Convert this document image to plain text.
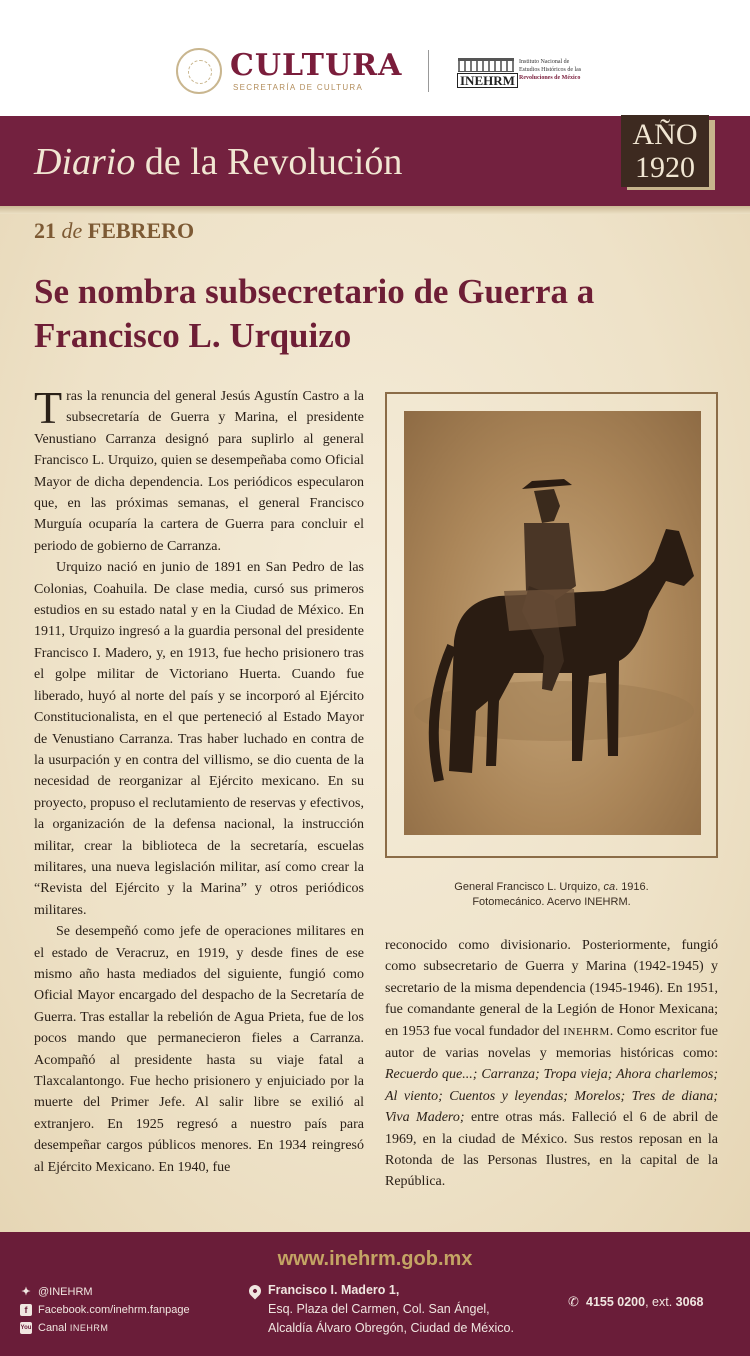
CULTURA
SECRETARÍA DE CULTURA	INEHRM
Instituto Nacional de
Estudios Históricos de las
Revoluciones de México
Diario de la Revolución
AÑO
1920
21 de FEBRERO
Se nombra subsecretario de Guerra a Francisco L. Urquizo

Tras la renuncia del general Jesús Agustín Castro a la subsecretaría de Guerra y Marina, el presidente Venustiano Carranza designó para suplirlo al general Francisco L. Urquizo, quien se desempeñaba como Oficial Mayor de dicha dependencia. Los periódicos especularon que, en las próximas semanas, el general Francisco Murguía ocuparía la cartera de Guerra para concluir el periodo de gobierno de Carranza.

Urquizo nació en junio de 1891 en San Pedro de las Colonias, Coahuila. De clase media, cursó sus primeros estudios en su estado natal y en la Ciudad de México. En 1911, Urquizo ingresó a la guardia personal del presidente Francisco I. Madero, y, en 1913, fue hecho prisionero tras el golpe militar de Victoriano Huerta. Cuando fue liberado, huyó al norte del país y se incorporó al Ejército Constitucionalista, en el que perteneció al Estado Mayor de Venustiano Carranza. Tras haber luchado en contra de la usurpación y en contra del villismo, se dio cuenta de la necesidad de reorganizar al Ejército mexicano. En su proyecto, propuso el reclutamiento de reservas y efectivos, la organización de la defensa nacional, la instrucción militar, crear la biblioteca de la secretaría, escuelas militares, una nueva legislación militar, así como crear la “Revista del Ejército y la Marina” y otros periódicos militares.

Se desempeñó como jefe de operaciones militares en el estado de Veracruz, en 1919, y desde fines de ese mismo año hasta mediados del siguiente, fungió como Oficial Mayor encargado del despacho de la Secretaría de Guerra. Tras estallar la rebelión de Agua Prieta, fue de los pocos mando que permanecieron fieles a Carranza. Acompañó al presidente hasta su viaje fatal a Tlaxcalantongo. Fue hecho prisionero y enjuiciado por la muerte del Primer Jefe. Al salir libre se exilió al extranjero. En 1925 regresó a nuestro país para desempeñar cargos públicos menores. En 1934 reingresó al Ejército Mexicano. En 1940, fue

General Francisco L. Urquizo, ca. 1916.
Fotomecánico. Acervo INEHRM.

reconocido como divisionario. Posteriormente, fungió como subsecretario de Guerra y Marina (1942-1945) y secretario de la misma dependencia (1945-1946). En 1951, fue comandante general de la Legión de Honor Mexicana; en 1953 fue vocal fundador del INEHRM. Como escritor fue autor de varias novelas y memorias históricas como: Recuerdo que...; Carranza; Tropa vieja; Ahora charlemos; Al viento; Cuentos y leyendas; Morelos; Tres de diana; Viva Madero; entre otras más. Falleció el 6 de abril de 1969, en la ciudad de México. Sus restos reposan en la Rotonda de las Personas Ilustres, en la capital de la República.

www.inehrm.gob.mx
✦ @INEHRM
f Facebook.com/inehrm.fanpage
You Canal
INEHRM
Francisco I. Madero 1,
Esq. Plaza del Carmen, Col. San Ángel,
Alcaldía Álvaro Obregón, Ciudad de México.
✆ 4155 0200, ext. 3068
